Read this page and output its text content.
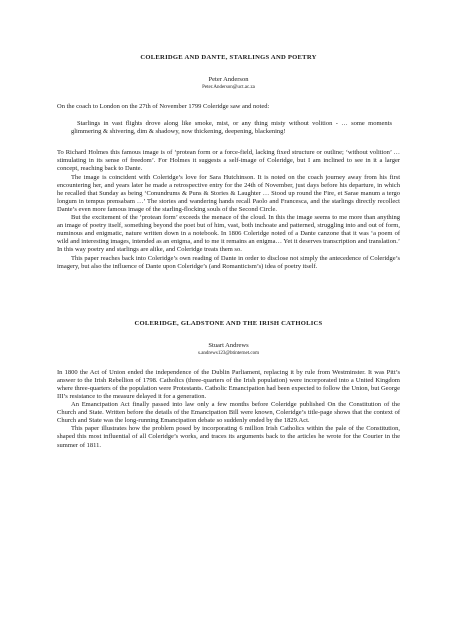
COLERIDGE AND DANTE, STARLINGS AND POETRY
Peter Anderson
Peter.Anderson@uct.ac.za

On the coach to London on the 27th of November 1799 Coleridge saw and noted:

Starlings in vast flights drove along like smoke, mist, or any thing misty without volition - … some moments glimmering & shivering, dim & shadowy, now thickening, deepening, blackening!

To Richard Holmes this famous image is of ‘protean form or a force-field, lacking fixed structure or outline; ‘without volition’ … stimulating in its sense of freedom’. For Holmes it suggests a self-image of Coleridge, but I am inclined to see in it a larger concept, reaching back to Dante.

The image is coincident with Coleridge’s love for Sara Hutchinson. It is noted on the coach journey away from his first encountering her, and years later he made a retrospective entry for the 24th of November, just days before his departure, in which he recalled that Sunday as being ‘Conundrums & Puns & Stories & Laughter … Stood up round the Fire, et Sarae manum a tergo longum in tempus prensabam …’ The stories and wandering hands recall Paolo and Francesca, and the starlings directly recollect Dante’s even more famous image of the starling-flocking souls of the Second Circle.

But the excitement of the ‘protean form’ exceeds the menace of the cloud. In this the image seems to me more than anything an image of poetry itself, something beyond the poet but of him, vast, both inchoate and patterned, struggling into and out of form, numinous and enigmatic, nature written down in a notebook. In 1806 Coleridge noted of a Dante canzone that it was ‘a poem of wild and interesting images, intended as an enigma, and to me it remains an enigma… Yet it deserves transcription and translation.’ In this way poetry and starlings are alike, and Coleridge treats them so.

This paper reaches back into Coleridge’s own reading of Dante in order to disclose not simply the antecedence of Coleridge’s imagery, but also the influence of Dante upon Coleridge’s (and Romanticism’s) idea of poetry itself.

COLERIDGE, GLADSTONE AND THE IRISH CATHOLICS
Stuart Andrews
s.andrews123@btinternet.com

In 1800 the Act of Union ended the independence of the Dublin Parliament, replacing it by rule from Westminster. It was Pitt’s answer to the Irish Rebellion of 1798. Catholics (three-quarters of the Irish population) were incorporated into a United Kingdom where three-quarters of the population were Protestants. Catholic Emancipation had been expected to follow the Union, but George III’s resistance to the measure delayed it for a generation.

An Emancipation Act finally passed into law only a few months before Coleridge published On the Constitution of the Church and State. Written before the details of the Emancipation Bill were known, Coleridge’s title-page shows that the context of Church and State was the long-running Emancipation debate so suddenly ended by the 1829.Act.

This paper illustrates how the problem posed by incorporating 6 million Irish Catholics within the pale of the Constitution, shaped this most influential of all Coleridge’s works, and traces its arguments back to the articles he wrote for the Courier in the summer of 1811.
